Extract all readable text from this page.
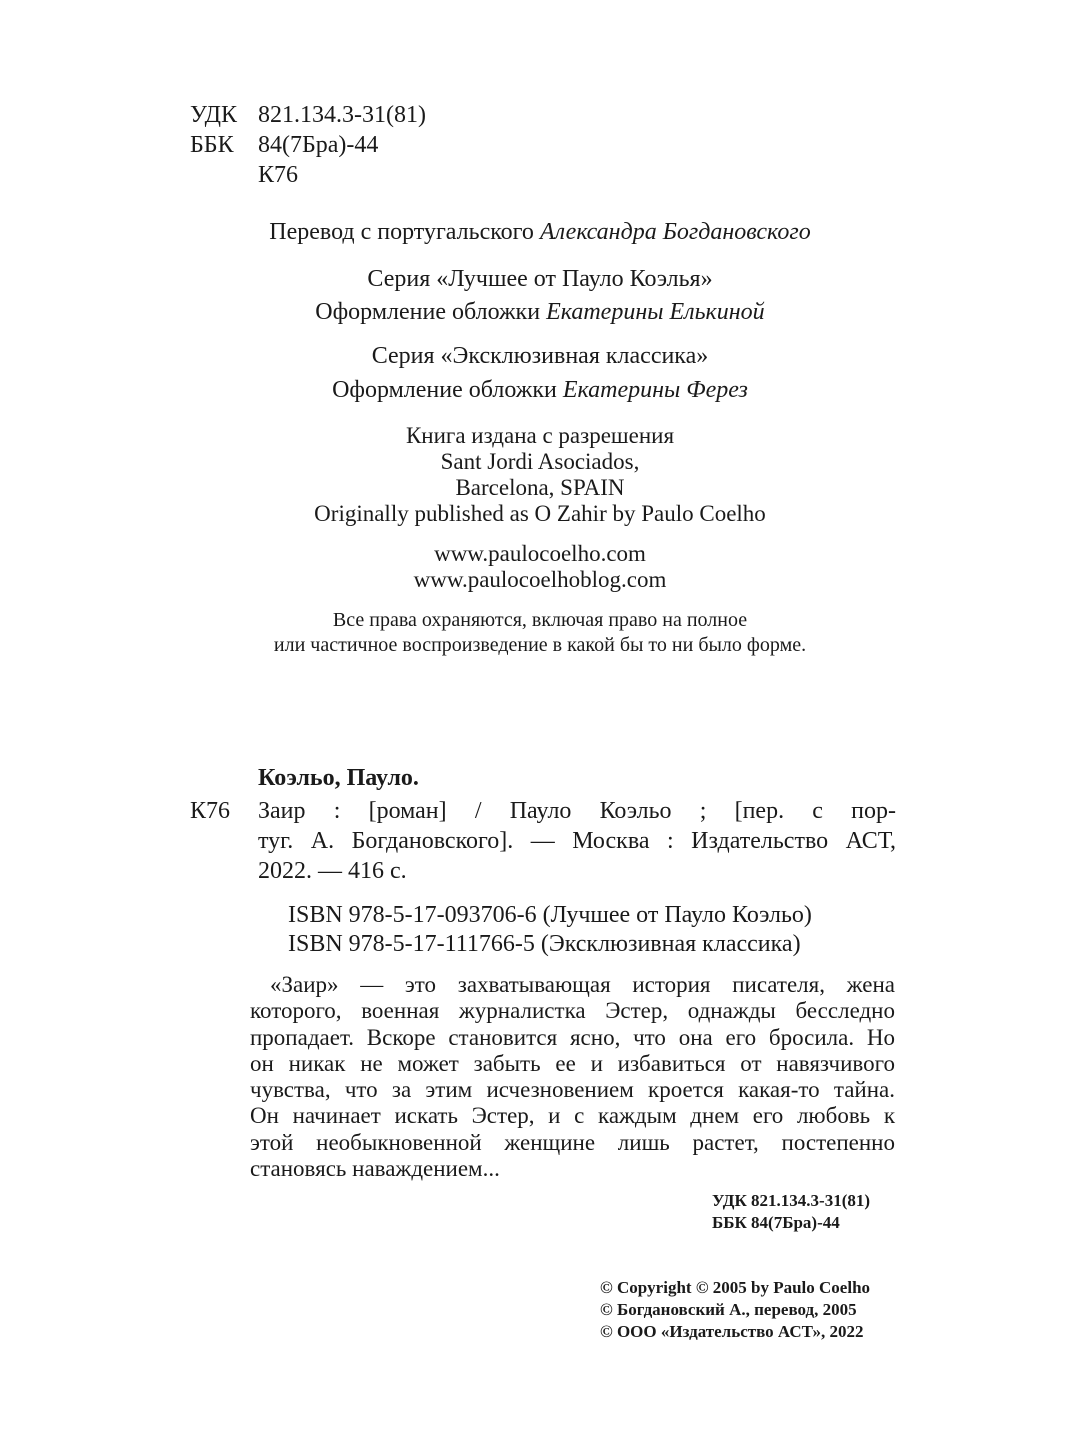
УДК 821.134.3-31(81)
ББК 84(7Бра)-44
К76
Перевод с португальского Александра Богдановского
Серия «Лучшее от Пауло Коэлья»
Оформление обложки Екатерины Елькиной
Серия «Эксклюзивная классика»
Оформление обложки Екатерины Ферез
Книга издана с разрешения
Sant Jordi Asociados,
Barcelona, SPAIN
Originally published as O Zahir by Paulo Coelho
www.paulocoelho.com
www.paulocoelhoblog.com
Все права охраняются, включая право на полное
или частичное воспроизведение в какой бы то ни было форме.
Коэльо, Пауло.
К76 Заир : [роман] / Пауло Коэльо ; [пер. с пор-
туг. А. Богдановского]. — Москва : Издательство АСТ,
2022. — 416 с.
ISBN 978-5-17-093706-6 (Лучшее от Пауло Коэльо)
ISBN 978-5-17-111766-5 (Эксклюзивная классика)
«Заир» — это захватывающая история писателя, жена
которого, военная журналистка Эстер, однажды бесследно
пропадает. Вскоре становится ясно, что она его бросила. Но
он никак не может забыть ее и избавиться от навязчивого
чувства, что за этим исчезновением кроется какая-то тайна.
Он начинает искать Эстер, и с каждым днем его любовь к
этой необыкновенной женщине лишь растет, постепенно
становясь наваждением...
УДК 821.134.3-31(81)
ББК 84(7Бра)-44
© Copyright © 2005 by Paulo Coelho
© Богдановский А., перевод, 2005
© ООО «Издательство АСТ», 2022
